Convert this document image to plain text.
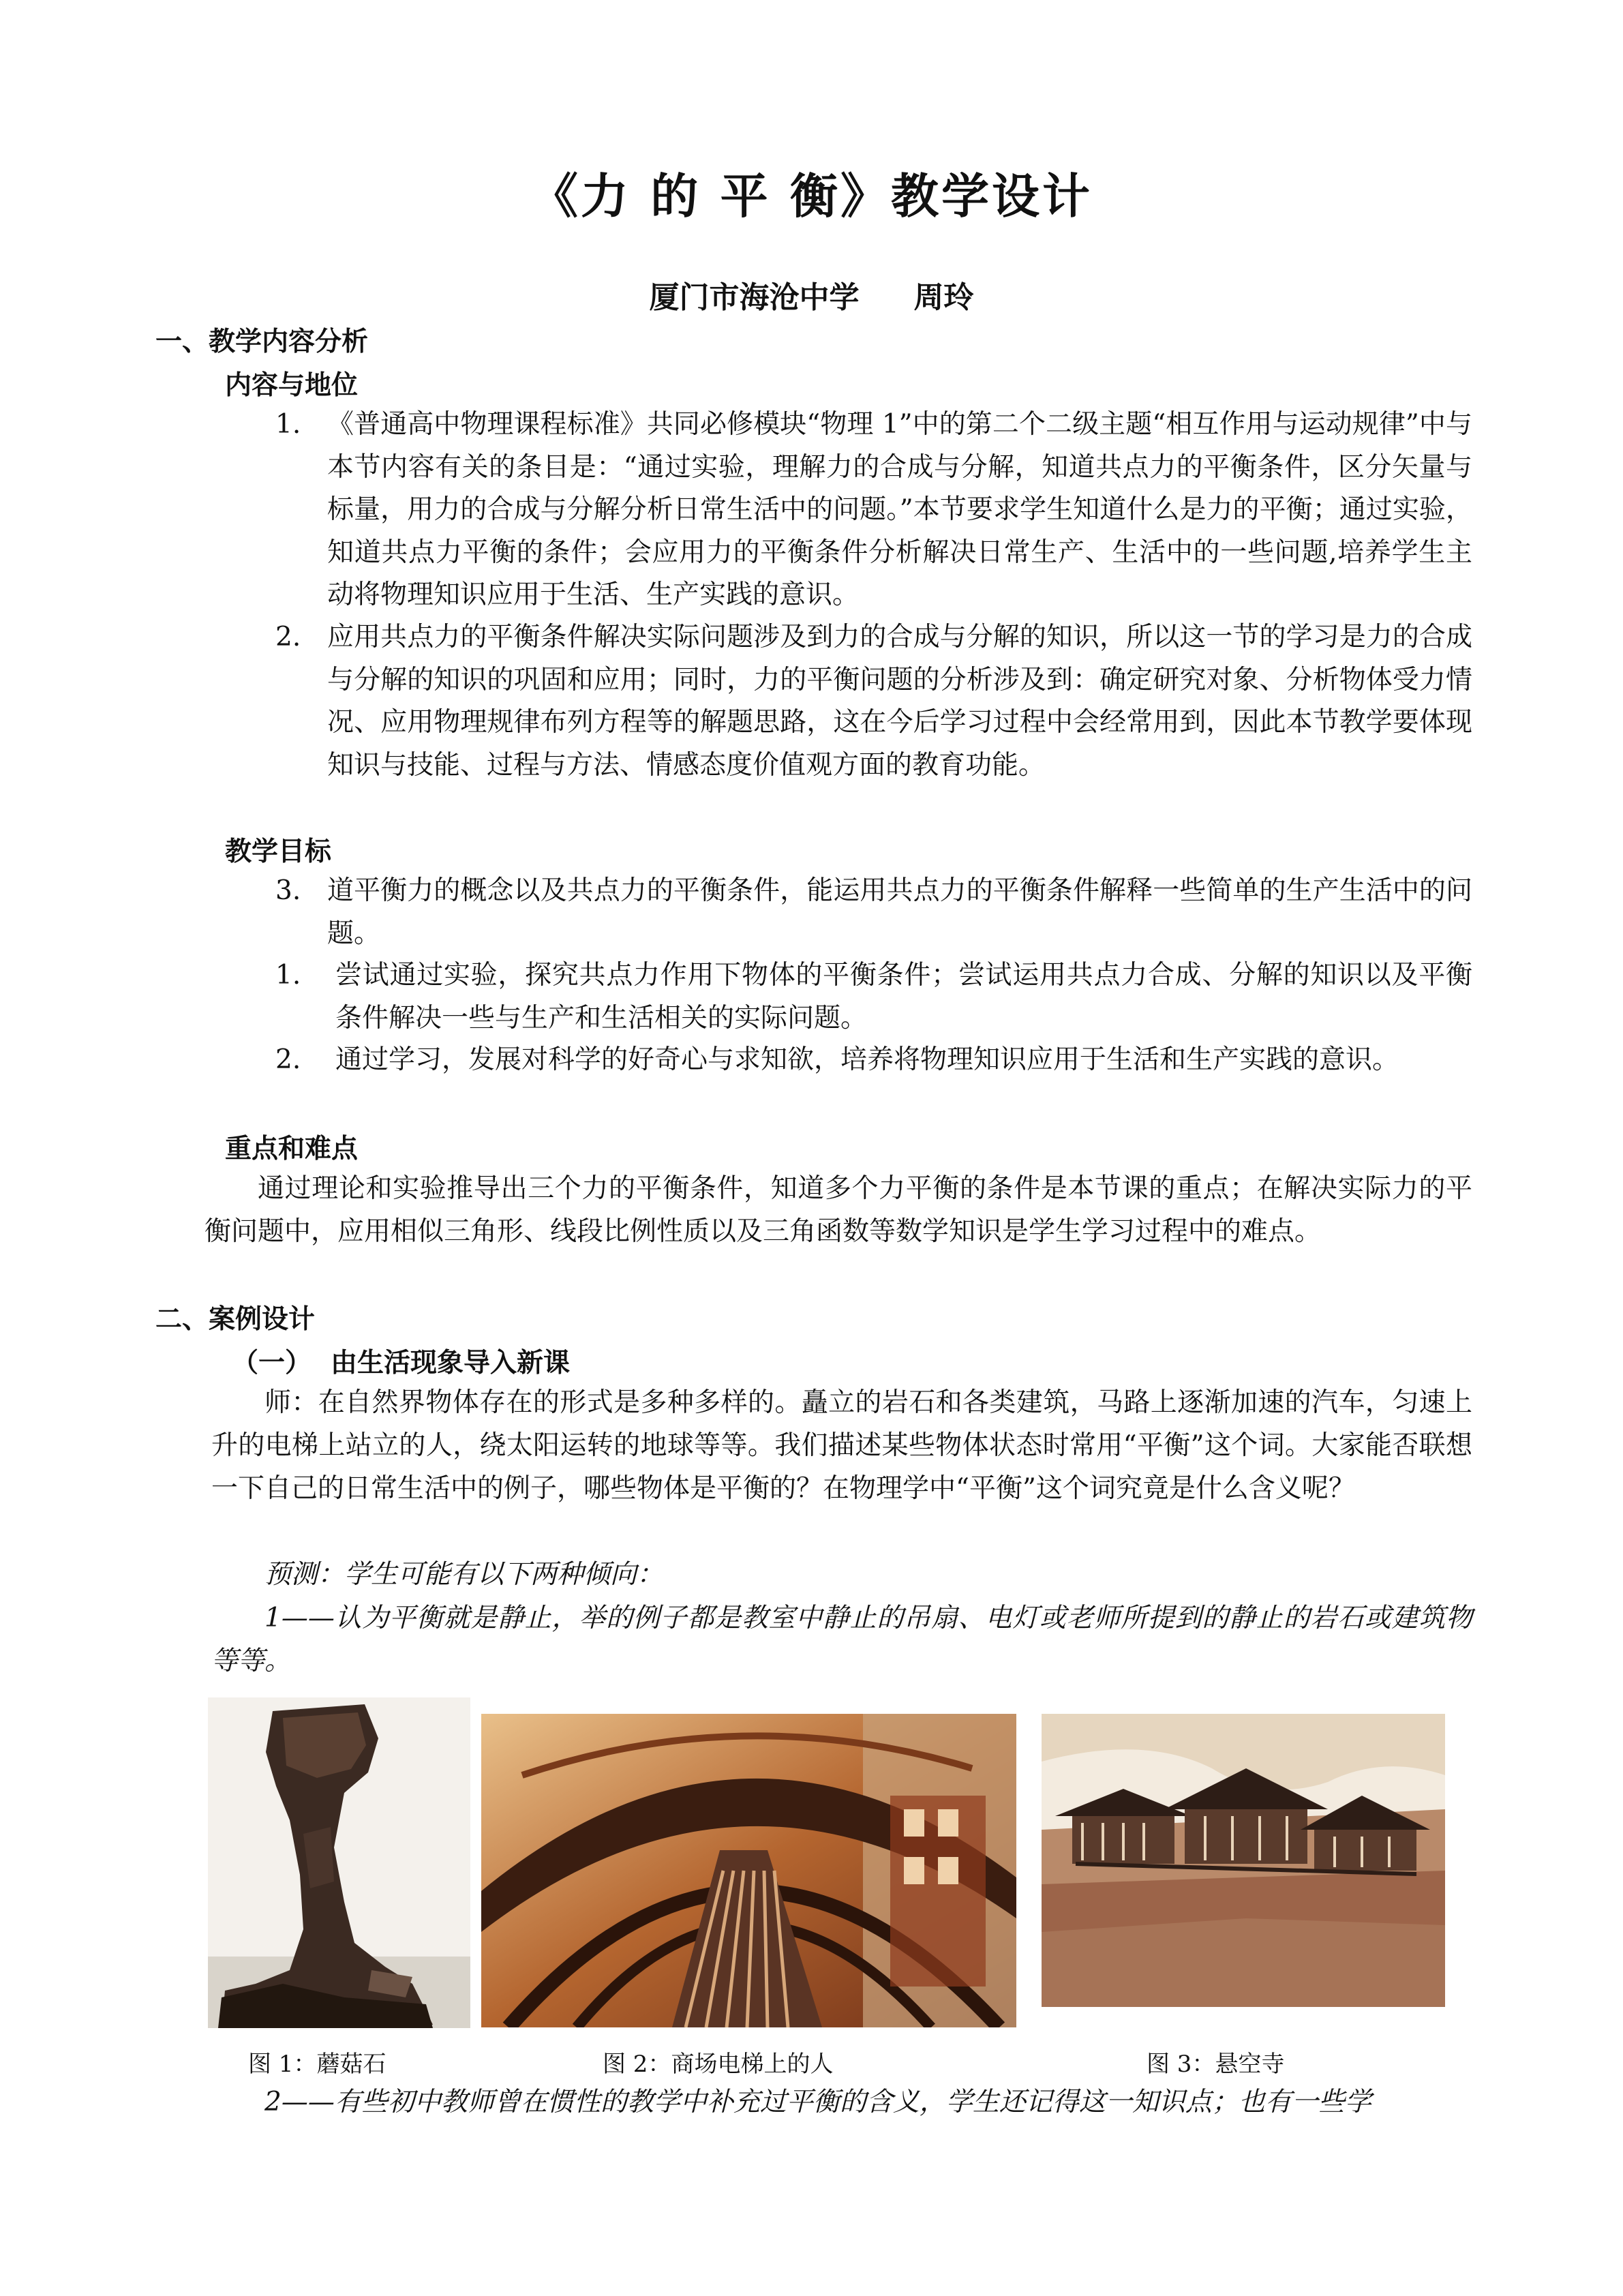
《力 的 平 衡》教学设计
厦门市海沧中学 周玲
一、教学内容分析
内容与地位
1. 《普通高中物理课程标准》共同必修模块“物理 1”中的第二个二级主题“相互作用与运动规律”中与本节内容有关的条目是：“通过实验，理解力的合成与分解，知道共点力的平衡条件，区分矢量与标量，用力的合成与分解分析日常生活中的问题。”本节要求学生知道什么是力的平衡；通过实验，知道共点力平衡的条件；会应用力的平衡条件分析解决日常生产、生活中的一些问题,培养学生主动将物理知识应用于生活、生产实践的意识。
2. 应用共点力的平衡条件解决实际问题涉及到力的合成与分解的知识，所以这一节的学习是力的合成与分解的知识的巩固和应用；同时，力的平衡问题的分析涉及到：确定研究对象、分析物体受力情况、应用物理规律布列方程等的解题思路，这在今后学习过程中会经常用到，因此本节教学要体现知识与技能、过程与方法、情感态度价值观方面的教育功能。
教学目标
3. 道平衡力的概念以及共点力的平衡条件，能运用共点力的平衡条件解释一些简单的生产生活中的问题。
1. 尝试通过实验，探究共点力作用下物体的平衡条件；尝试运用共点力合成、分解的知识以及平衡条件解决一些与生产和生活相关的实际问题。
2. 通过学习，发展对科学的好奇心与求知欲，培养将物理知识应用于生活和生产实践的意识。
重点和难点
通过理论和实验推导出三个力的平衡条件，知道多个力平衡的条件是本节课的重点；在解决实际力的平衡问题中，应用相似三角形、线段比例性质以及三角函数等数学知识是学生学习过程中的难点。
二、案例设计
（一） 由生活现象导入新课
师：在自然界物体存在的形式是多种多样的。矗立的岩石和各类建筑，马路上逐渐加速的汽车，匀速上升的电梯上站立的人，绕太阳运转的地球等等。我们描述某些物体状态时常用“平衡”这个词。大家能否联想一下自己的日常生活中的例子，哪些物体是平衡的？在物理学中“平衡”这个词究竟是什么含义呢？
预测：学生可能有以下两种倾向：
1——认为平衡就是静止，举的例子都是教室中静止的吊扇、电灯或老师所提到的静止的岩石或建筑物等等。
图 1：蘑菇石	图 2：商场电梯上的人	图 3：悬空寺
2——有些初中教师曾在惯性的教学中补充过平衡的含义，学生还记得这一知识点；也有一些学
